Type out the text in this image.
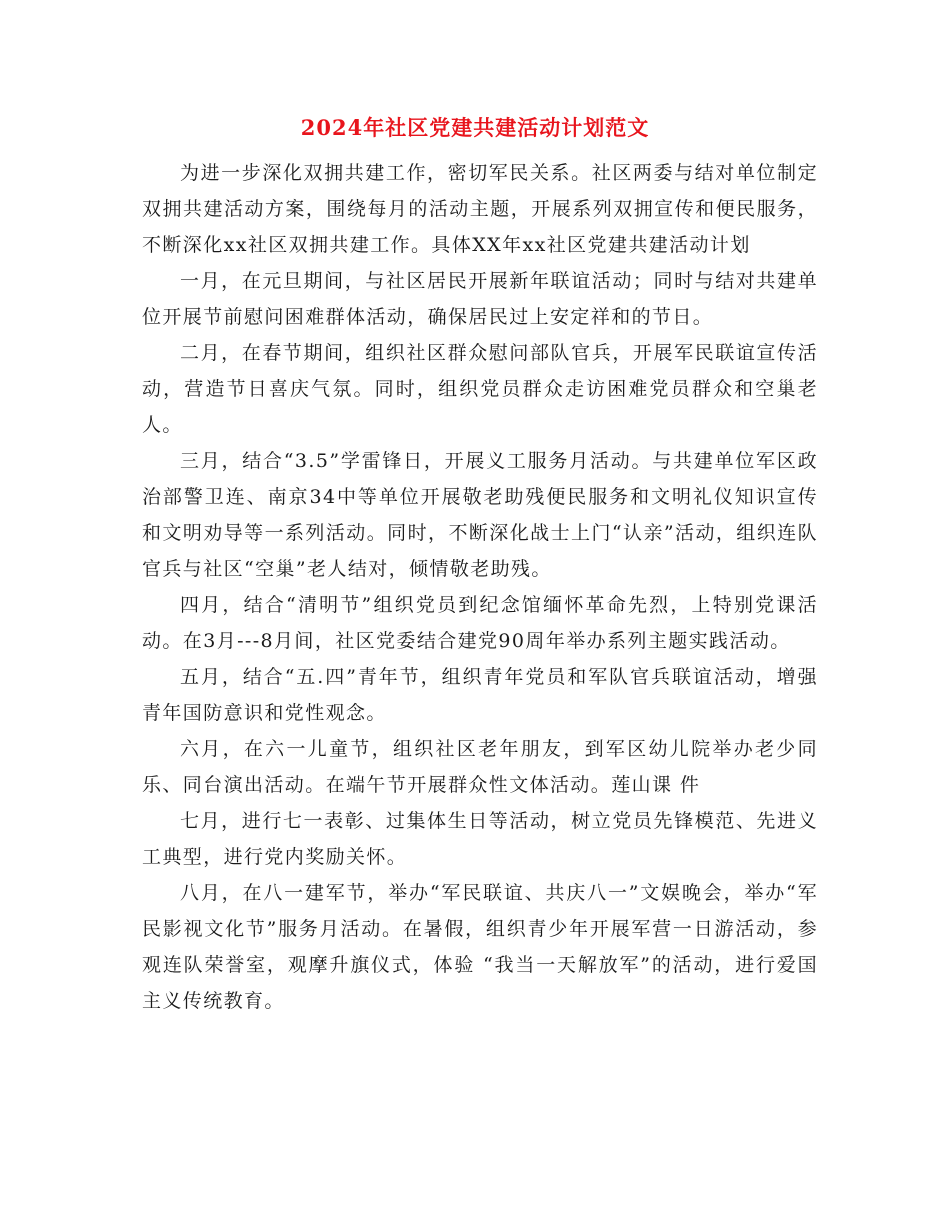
2024年社区党建共建活动计划范文

为进一步深化双拥共建工作，密切军民关系。社区两委与结对单位制定双拥共建活动方案，围绕每月的活动主题，开展系列双拥宣传和便民服务，不断深化xx社区双拥共建工作。具体XX年xx社区党建共建活动计划

一月，在元旦期间，与社区居民开展新年联谊活动；同时与结对共建单位开展节前慰问困难群体活动，确保居民过上安定祥和的节日。

二月，在春节期间，组织社区群众慰问部队官兵，开展军民联谊宣传活动，营造节日喜庆气氛。同时，组织党员群众走访困难党员群众和空巢老人。

三月，结合“3.5”学雷锋日，开展义工服务月活动。与共建单位军区政治部警卫连、南京34中等单位开展敬老助残便民服务和文明礼仪知识宣传和文明劝导等一系列活动。同时，不断深化战士上门“认亲”活动，组织连队官兵与社区“空巢”老人结对，倾情敬老助残。

四月，结合“清明节”组织党员到纪念馆缅怀革命先烈，上特别党课活动。在3月---8月间，社区党委结合建党90周年举办系列主题实践活动。

五月，结合“五.四”青年节，组织青年党员和军队官兵联谊活动，增强青年国防意识和党性观念。

六月，在六一儿童节，组织社区老年朋友，到军区幼儿院举办老少同乐、同台演出活动。在端午节开展群众性文体活动。莲山课 件

七月，进行七一表彰、过集体生日等活动，树立党员先锋模范、先进义工典型，进行党内奖励关怀。

八月，在八一建军节，举办“军民联谊、共庆八一”文娱晚会，举办“军民影视文化节”服务月活动。在暑假，组织青少年开展军营一日游活动，参观连队荣誉室，观摩升旗仪式，体验 “我当一天解放军”的活动，进行爱国主义传统教育。
